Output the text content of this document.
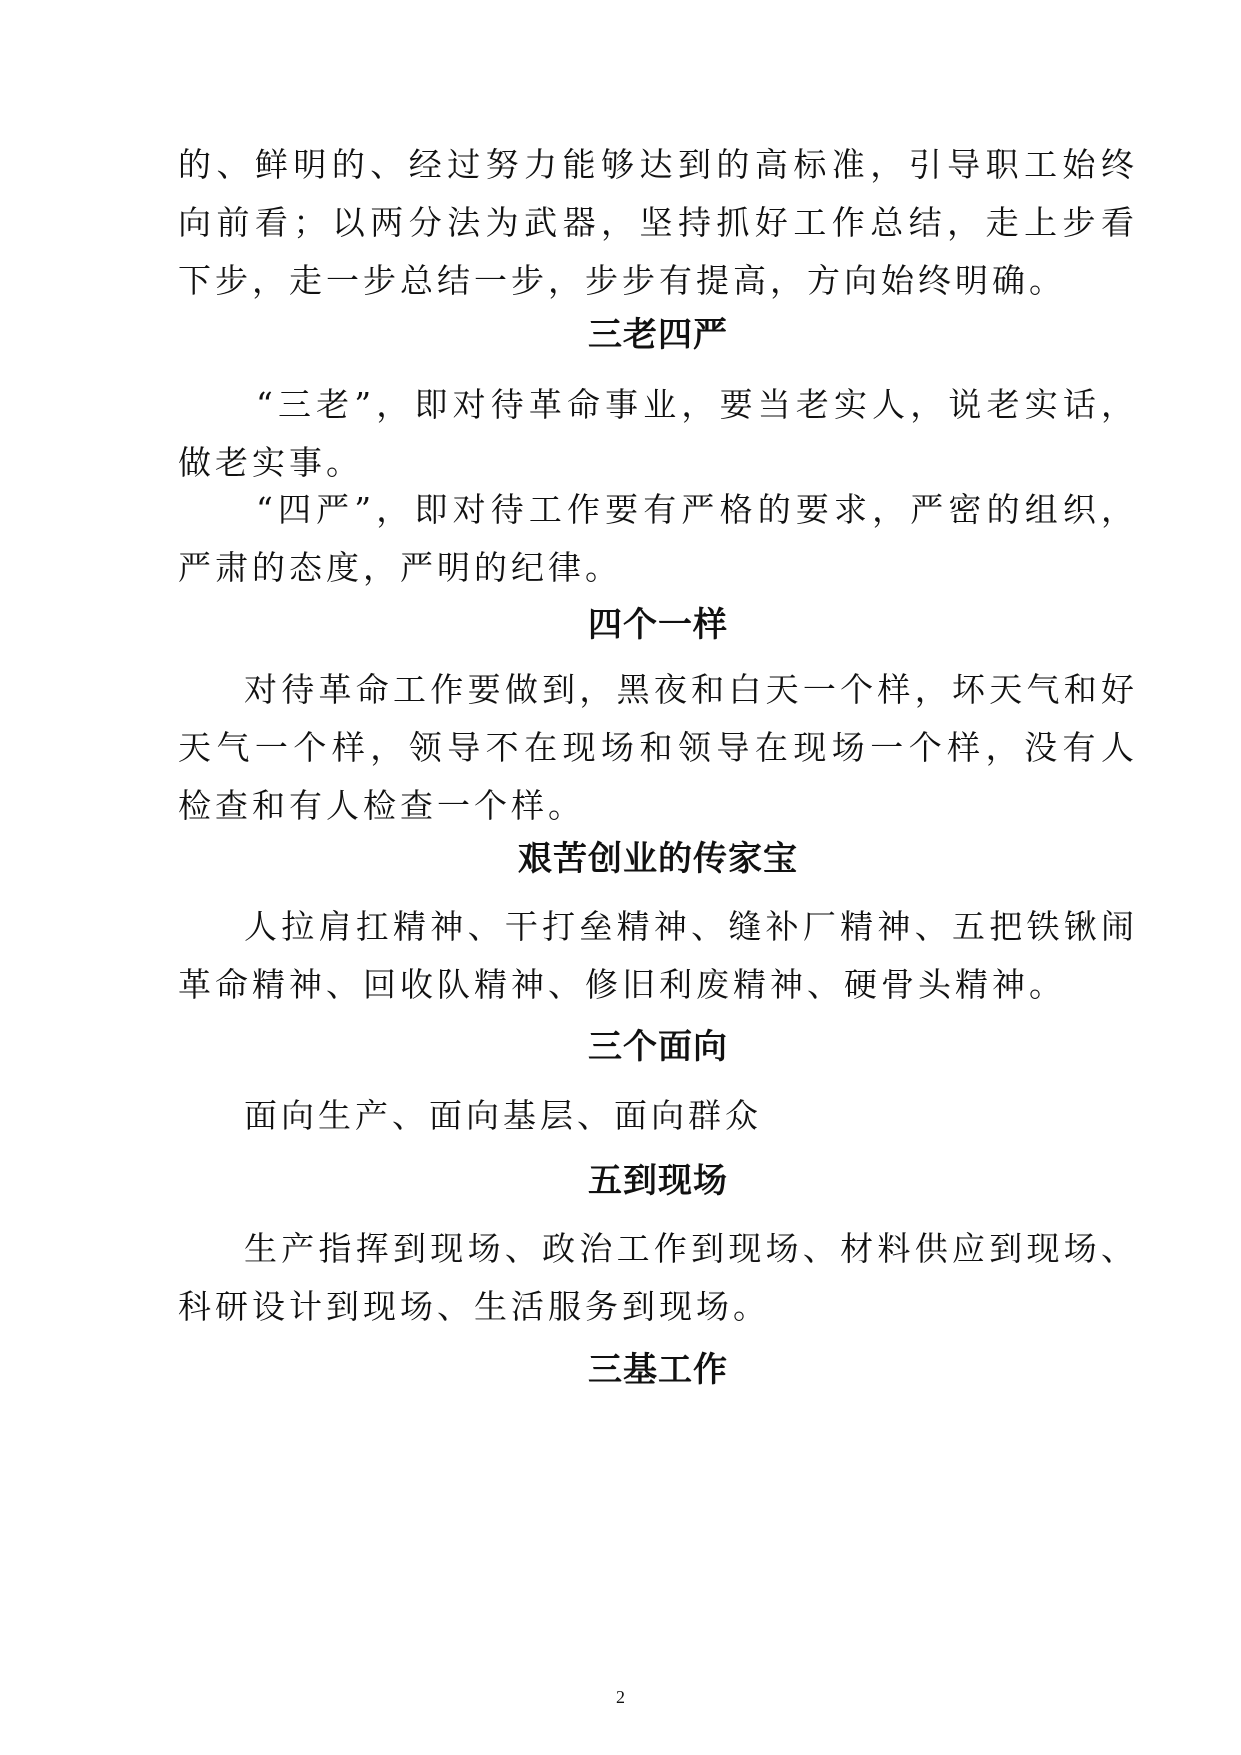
的、鲜明的、经过努力能够达到的高标准，引导职工始终向前看；以两分法为武器，坚持抓好工作总结，走上步看下步，走一步总结一步，步步有提高，方向始终明确。

三老四严

“三老”，即对待革命事业，要当老实人，说老实话，做老实事。

“四严”，即对待工作要有严格的要求，严密的组织，严肃的态度，严明的纪律。

四个一样

对待革命工作要做到，黑夜和白天一个样，坏天气和好天气一个样，领导不在现场和领导在现场一个样，没有人检查和有人检查一个样。

艰苦创业的传家宝

人拉肩扛精神、干打垒精神、缝补厂精神、五把铁锹闹革命精神、回收队精神、修旧利废精神、硬骨头精神。

三个面向

面向生产、面向基层、面向群众

五到现场

生产指挥到现场、政治工作到现场、材料供应到现场、科研设计到现场、生活服务到现场。

三基工作
2
